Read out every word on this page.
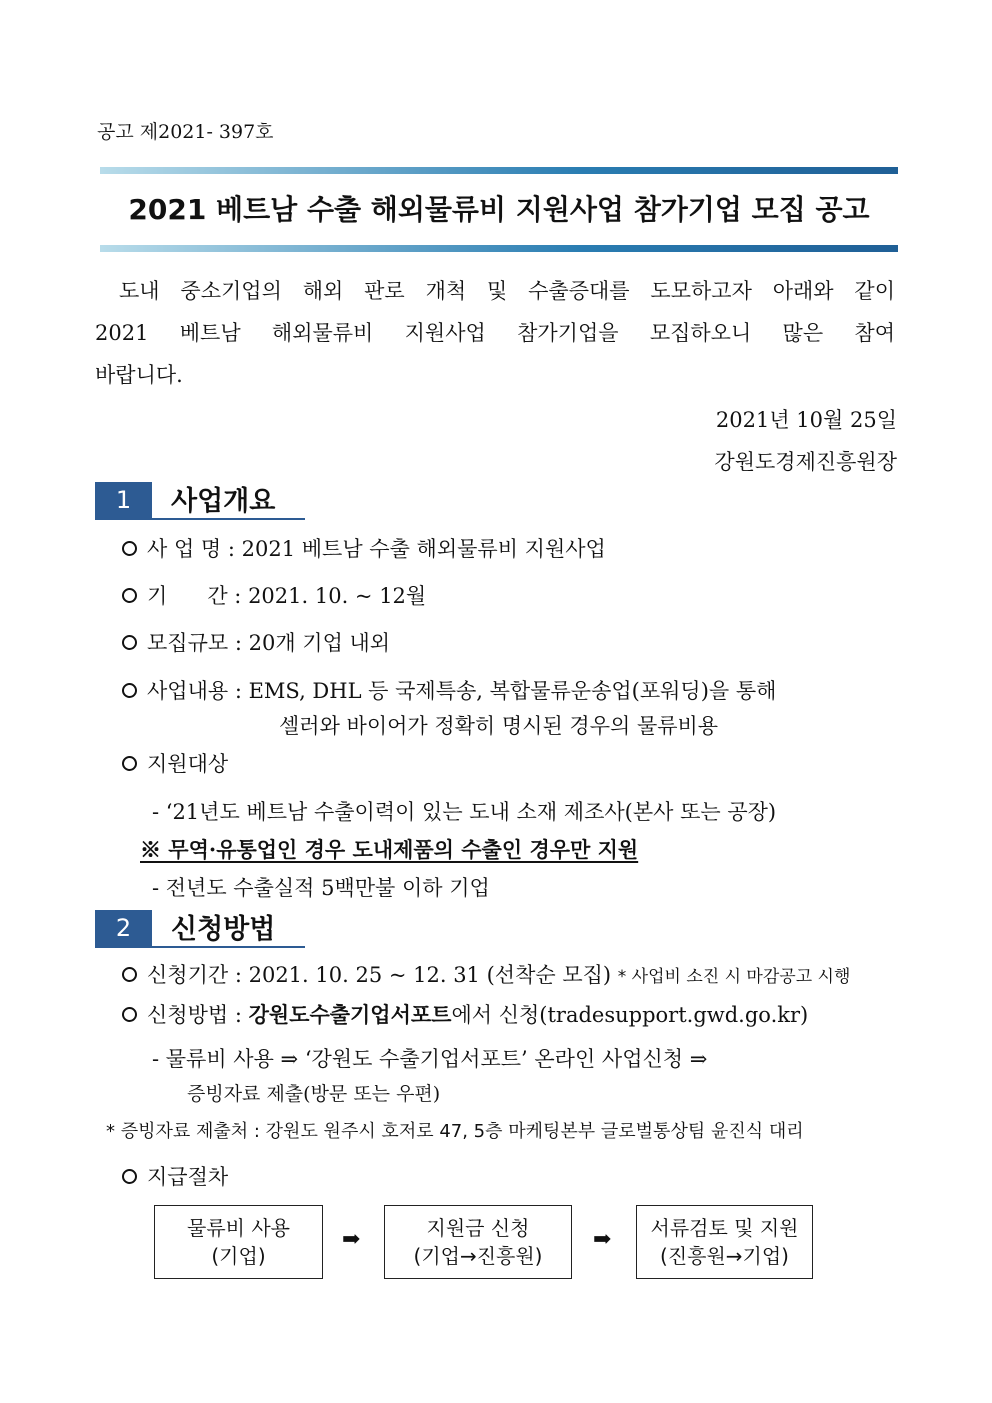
공고 제2021- 397호
2021 베트남 수출 해외물류비 지원사업 참가기업 모집 공고

도내 중소기업의 해외 판로 개척 및 수출증대를 도모하고자 아래와 같이

2021 베트남 해외물류비 지원사업 참가기업을 모집하오니 많은 참여

바랍니다.

2021년 10월 25일
강원도경제진흥원장
1	사업개요
사 업 명 : 2021 베트남 수출 해외물류비 지원사업
기      간 : 2021. 10. ~ 12월
모집규모 : 20개 기업 내외
사업내용 : EMS, DHL 등 국제특송, 복합물류운송업(포워딩)을 통해
셀러와 바이어가 정확히 명시된 경우의 물류비용
지원대상
- ‘21년도 베트남 수출이력이 있는 도내 소재 제조사(본사 또는 공장)
※ 무역·유통업인 경우 도내제품의 수출인 경우만 지원
- 전년도 수출실적 5백만불 이하 기업
2	신청방법
신청기간 : 2021. 10. 25 ~ 12. 31 (선착순 모집) * 사업비 소진 시 마감공고 시행
신청방법 : 강원도수출기업서포트에서 신청(tradesupport.gwd.go.kr)
- 물류비 사용 ⇒ ‘강원도 수출기업서포트’ 온라인 사업신청 ⇒
증빙자료 제출(방문 또는 우편)
* 증빙자료 제출처 : 강원도 원주시 호저로 47, 5층 마케팅본부 글로벌통상팀 윤진식 대리
지급절차
물류비 사용
(기업)
➡	지원금 신청
(기업→진흥원)
➡	서류검토 및 지원
(진흥원→기업)
